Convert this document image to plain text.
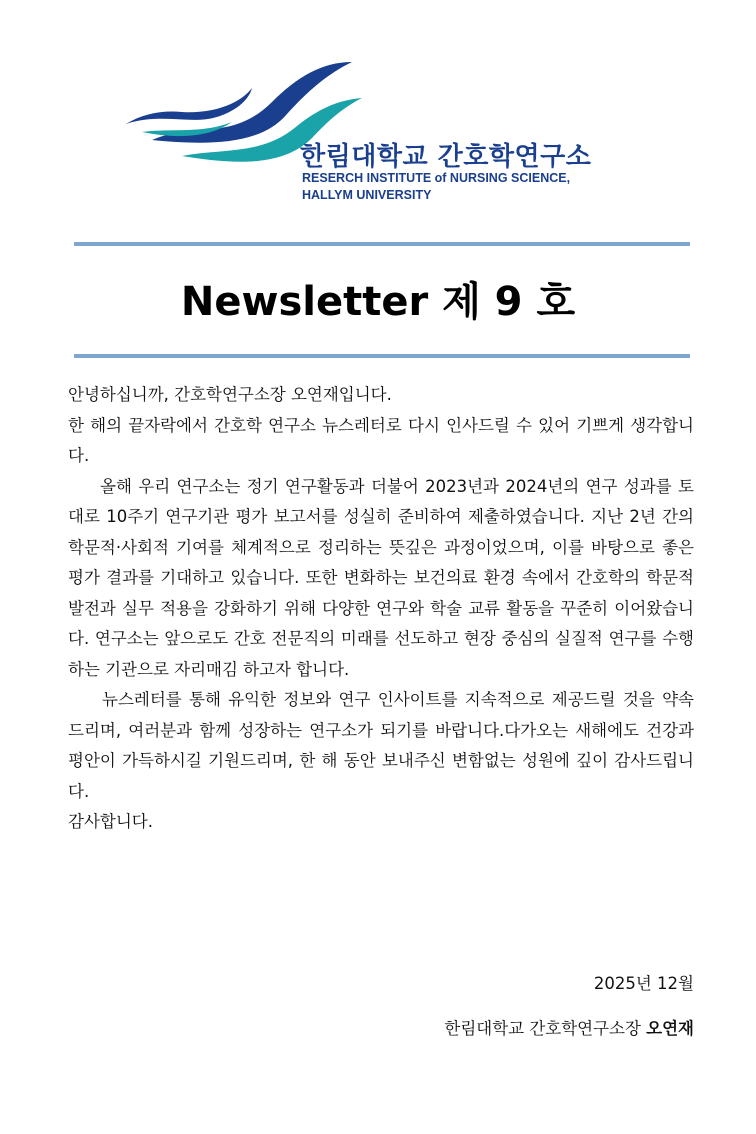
한림대학교 간호학연구소
RESERCH INSTITUTE of NURSING SCIENCE,
HALLYM UNIVERSITY
Newsletter 제 9 호

안녕하십니까, 간호학연구소장 오연재입니다.

한 해의 끝자락에서 간호학 연구소 뉴스레터로 다시 인사드릴 수 있어 기쁘게 생각합니다.

올해 우리 연구소는 정기 연구활동과 더불어 2023년과 2024년의 연구 성과를 토대로 10주기 연구기관 평가 보고서를 성실히 준비하여 제출하였습니다. 지난 2년 간의 학문적·사회적 기여를 체계적으로 정리하는 뜻깊은 과정이었으며, 이를 바탕으로 좋은 평가 결과를 기대하고 있습니다. 또한 변화하는 보건의료 환경 속에서 간호학의 학문적 발전과 실무 적용을 강화하기 위해 다양한 연구와 학술 교류 활동을 꾸준히 이어왔습니다. 연구소는 앞으로도 간호 전문직의 미래를 선도하고 현장 중심의 실질적 연구를 수행하는 기관으로 자리매김 하고자 합니다.

뉴스레터를 통해 유익한 정보와 연구 인사이트를 지속적으로 제공드릴 것을 약속 드리며, 여러분과 함께 성장하는 연구소가 되기를 바랍니다.다가오는 새해에도 건강과 평안이 가득하시길 기원드리며, 한 해 동안 보내주신 변함없는 성원에 깊이 감사드립니다.

감사합니다.

2025년 12월
한림대학교 간호학연구소장 오연재
